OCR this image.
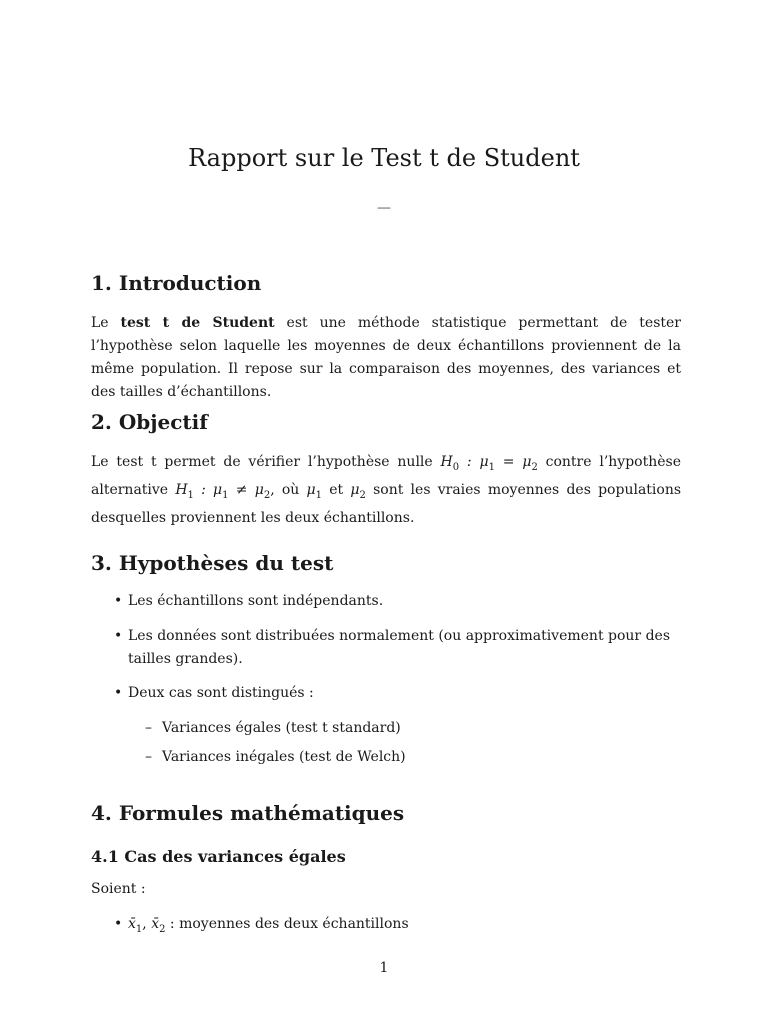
Rapport sur le Test t de Student
—
1. Introduction

Le test t de Student est une méthode statistique permettant de tester l’hypothèse selon laquelle les moyennes de deux échantillons proviennent de la même population. Il repose sur la comparaison des moyennes, des variances et des tailles d’échantillons.

2. Objectif

Le test t permet de vérifier l’hypothèse nulle $H_0$ : $\mu_1 = \mu_2$ contre l’hypothèse alternative $H_1$ : $\mu_1 \ne \mu_2$, où $\mu_1$ et $\mu_2$ sont les vraies moyennes des populations desquelles proviennent les deux échantillons.

3. Hypothèses du test

• Les échantillons sont indépendants.

• Les données sont distribuées normalement (ou approximativement pour des tailles grandes).

• Deux cas sont distingués :

– Variances égales (test t standard)

– Variances inégales (test de Welch)

4. Formules mathématiques
4.1 Cas des variances égales

Soient :

• $x̄_1$, $x̄_2$ : moyennes des deux échantillons

1
